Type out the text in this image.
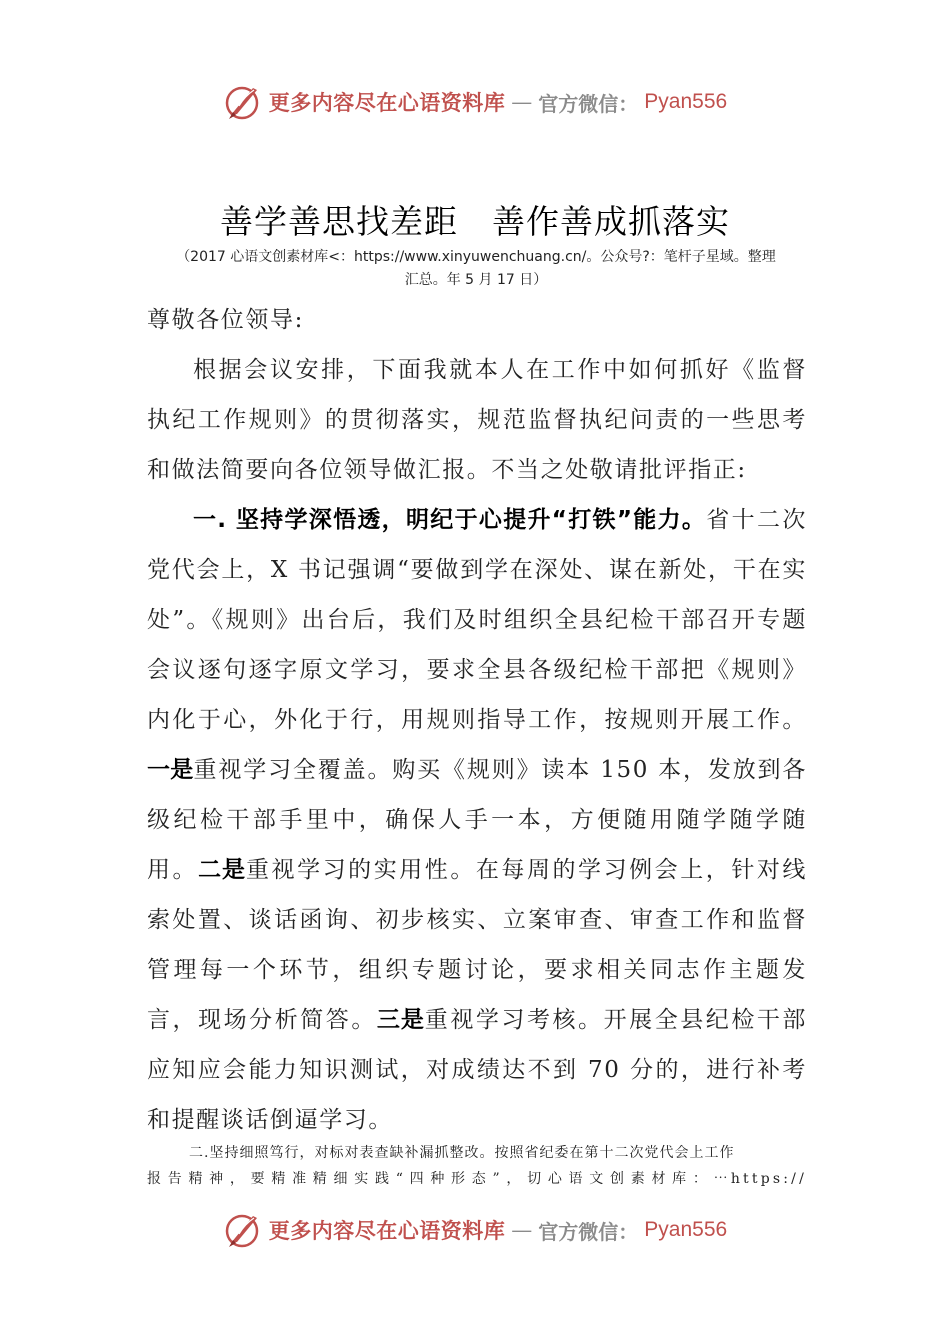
更多内容尽在心语资料库 — 官方微信： Pyan556
善学善思找差距　善作善成抓落实
（2017 心语文创素材库<：https://www.xinyuwenchuang.cn/。公众号?：笔杆子星域。整理
汇总。年 5 月 17 日）

尊敬各位领导:

根据会议安排，下面我就本人在工作中如何抓好《监督执纪工作规则》的贯彻落实，规范监督执纪问责的一些思考和做法简要向各位领导做汇报。不当之处敬请批评指正:

一. 坚持学深悟透，明纪于心提升“打铁”能力。省十二次党代会上，X 书记强调“要做到学在深处、谋在新处，干在实处”。《规则》出台后，我们及时组织全县纪检干部召开专题会议逐句逐字原文学习，要求全县各级纪检干部把《规则》内化于心，外化于行，用规则指导工作，按规则开展工作。一是重视学习全覆盖。购买《规则》读本 150 本，发放到各级纪检干部手里中，确保人手一本，方便随用随学随学随用。二是重视学习的实用性。在每周的学习例会上，针对线索处置、谈话函询、初步核实、立案审查、审查工作和监督管理每一个环节，组织专题讨论，要求相关同志作主题发言，现场分析简答。三是重视学习考核。开展全县纪检干部应知应会能力知识测试，对成绩达不到 70 分的，进行补考和提醒谈话倒逼学习。

二.坚持细照笃行，对标对表查缺补漏抓整改。按照省纪委在第十二次党代会上工作

报告精神，要精准精细实践“四种形态”，切心语文创素材库：⋯https://

更多内容尽在心语资料库 — 官方微信： Pyan556
